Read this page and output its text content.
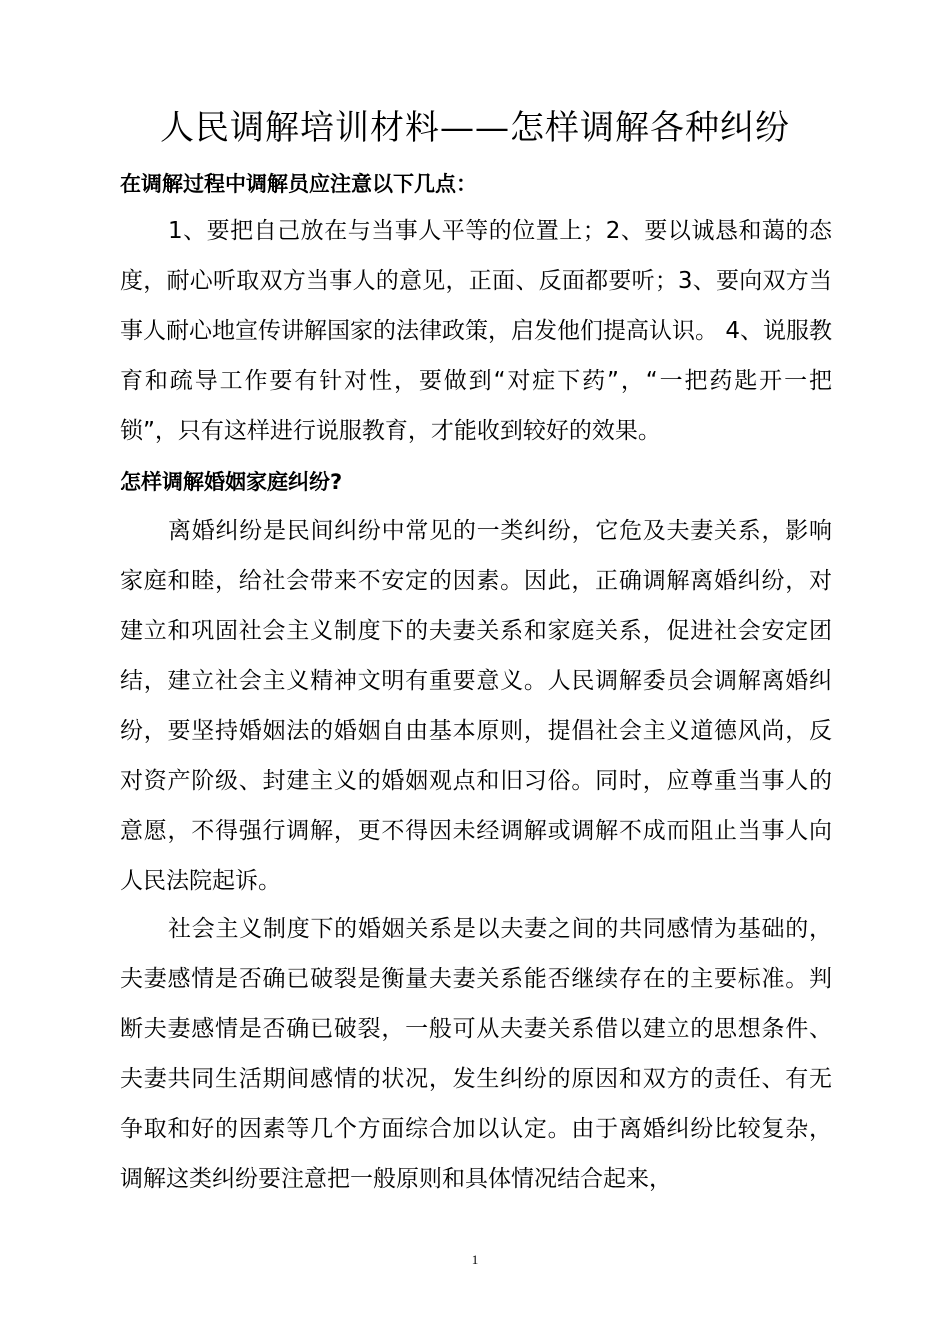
人民调解培训材料——怎样调解各种纠纷
在调解过程中调解员应注意以下几点：

1、要把自己放在与当事人平等的位置上；2、要以诚恳和蔼的态度，耐心听取双方当事人的意见，正面、反面都要听；3、要向双方当事人耐心地宣传讲解国家的法律政策，启发他们提高认识。 4、说服教育和疏导工作要有针对性，要做到“对症下药”，“一把药匙开一把锁”，只有这样进行说服教育，才能收到较好的效果。

怎样调解婚姻家庭纠纷?

离婚纠纷是民间纠纷中常见的一类纠纷，它危及夫妻关系，影响家庭和睦，给社会带来不安定的因素。因此，正确调解离婚纠纷，对建立和巩固社会主义制度下的夫妻关系和家庭关系，促进社会安定团结，建立社会主义精神文明有重要意义。人民调解委员会调解离婚纠纷，要坚持婚姻法的婚姻自由基本原则，提倡社会主义道德风尚，反对资产阶级、封建主义的婚姻观点和旧习俗。同时，应尊重当事人的意愿，不得强行调解，更不得因未经调解或调解不成而阻止当事人向人民法院起诉。

社会主义制度下的婚姻关系是以夫妻之间的共同感情为基础的，夫妻感情是否确已破裂是衡量夫妻关系能否继续存在的主要标准。判断夫妻感情是否确已破裂，一般可从夫妻关系借以建立的思想条件、夫妻共同生活期间感情的状况，发生纠纷的原因和双方的责任、有无争取和好的因素等几个方面综合加以认定。由于离婚纠纷比较复杂，调解这类纠纷要注意把一般原则和具体情况结合起来，

1
